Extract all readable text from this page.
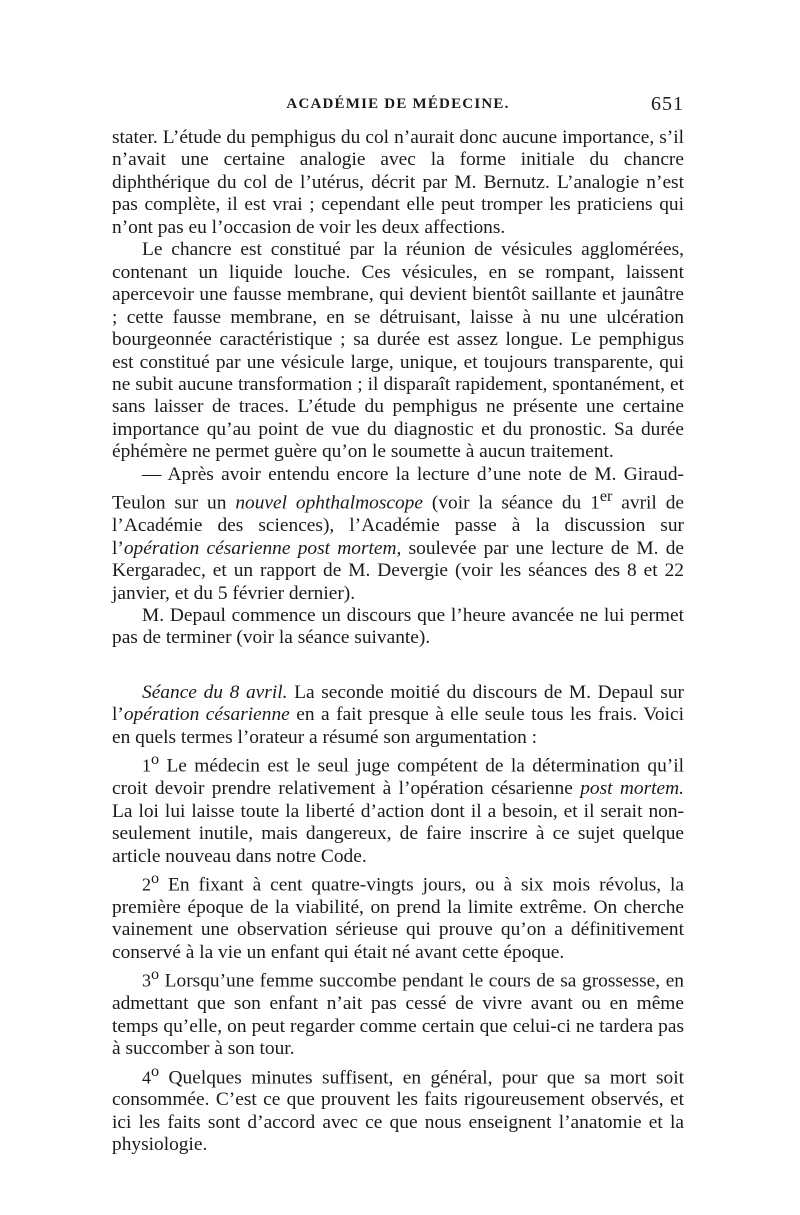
ACADÉMIE DE MÉDECINE.	651

stater. L’étude du pemphigus du col n’aurait donc aucune importance, s’il n’avait une certaine analogie avec la forme initiale du chancre diphthérique du col de l’utérus, décrit par M. Bernutz. L’analogie n’est pas complète, il est vrai ; cependant elle peut tromper les praticiens qui n’ont pas eu l’occasion de voir les deux affections.

Le chancre est constitué par la réunion de vésicules agglomérées, contenant un liquide louche. Ces vésicules, en se rompant, laissent apercevoir une fausse membrane, qui devient bientôt saillante et jaunâtre ; cette fausse membrane, en se détruisant, laisse à nu une ulcération bourgeonnée caractéristique ; sa durée est assez longue. Le pemphigus est constitué par une vésicule large, unique, et toujours transparente, qui ne subit aucune transformation ; il disparaît rapidement, spontanément, et sans laisser de traces. L’étude du pemphigus ne présente une certaine importance qu’au point de vue du diagnostic et du pronostic. Sa durée éphémère ne permet guère qu’on le soumette à aucun traitement.

— Après avoir entendu encore la lecture d’une note de M. Giraud-Teulon sur un nouvel ophthalmoscope (voir la séance du 1er avril de l’Académie des sciences), l’Académie passe à la discussion sur l’opération césarienne post mortem, soulevée par une lecture de M. de Kergaradec, et un rapport de M. Devergie (voir les séances des 8 et 22 janvier, et du 5 février dernier).

M. Depaul commence un discours que l’heure avancée ne lui permet pas de terminer (voir la séance suivante).

Séance du 8 avril. La seconde moitié du discours de M. Depaul sur l’opération césarienne en a fait presque à elle seule tous les frais. Voici en quels termes l’orateur a résumé son argumentation :

1$^o$ Le médecin est le seul juge compétent de la détermination qu’il croit devoir prendre relativement à l’opération césarienne post mortem. La loi lui laisse toute la liberté d’action dont il a besoin, et il serait non-seulement inutile, mais dangereux, de faire inscrire à ce sujet quelque article nouveau dans notre Code.

2$^o$ En fixant à cent quatre-vingts jours, ou à six mois révolus, la première époque de la viabilité, on prend la limite extrême. On cherche vainement une observation sérieuse qui prouve qu’on a définitivement conservé à la vie un enfant qui était né avant cette époque.

3$^o$ Lorsqu’une femme succombe pendant le cours de sa grossesse, en admettant que son enfant n’ait pas cessé de vivre avant ou en même temps qu’elle, on peut regarder comme certain que celui-ci ne tardera pas à succomber à son tour.

4$^o$ Quelques minutes suffisent, en général, pour que sa mort soit consommée. C’est ce que prouvent les faits rigoureusement observés, et ici les faits sont d’accord avec ce que nous enseignent l’anatomie et la physiologie.
